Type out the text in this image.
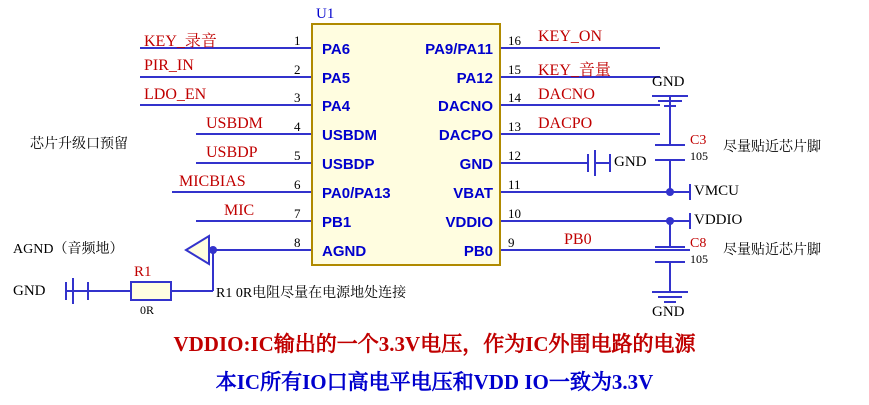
U1
PA6
PA5
PA4
USBDM
USBDP
PA0/PA13
PB1
AGND
PA9/PA11
PA12
DACNO
DACPO
GND
VBAT
VDDIO
PB0
1
2
3
4
5
6
7
8
16
15
14
13
12
11
10
9
KEY_录音
PIR_IN
LDO_EN
USBDM
USBDP
MICBIAS
MIC
KEY_ON
KEY_音量
DACNO
DACPO
PB0
GND
VMCU
VDDIO
GND
GND
GND
R1
0R
C3
105
C8
105
芯片升级口预留
AGND（音频地）
R1 0R电阻尽量在电源地处连接
尽量贴近芯片脚
尽量贴近芯片脚
VDDIO:IC输出的一个3.3V电压，作为IC外围电路的电源
本IC所有IO口高电平电压和VDD IO一致为3.3V
